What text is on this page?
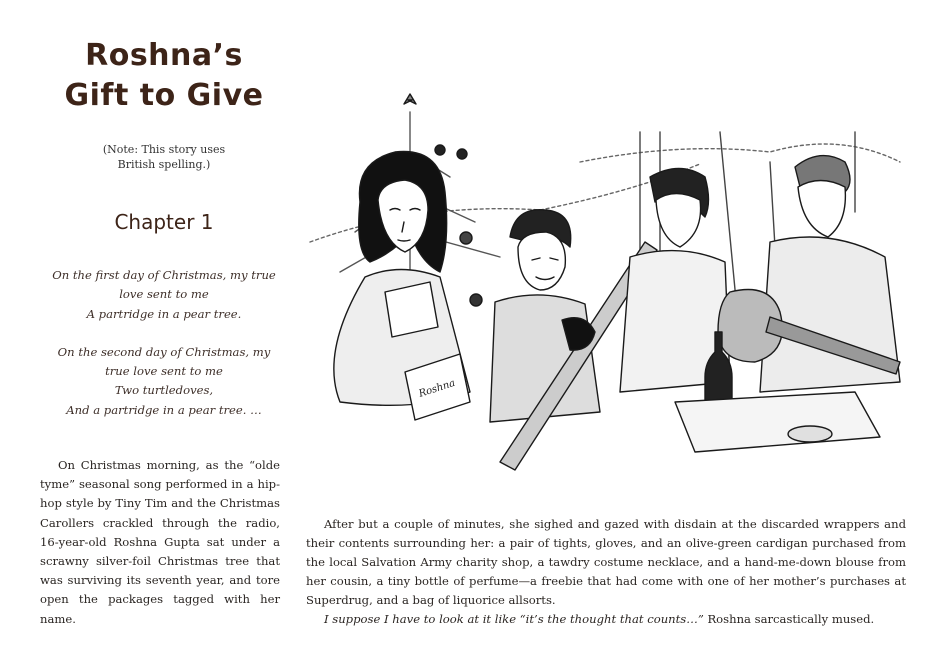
Roshna’s
Gift to Give
(Note: This story uses
British spelling.)
Chapter 1

On the first day of Christmas, my true

love sent to me

A partridge in a pear tree.

On the second day of Christmas, my

true love sent to me

Two turtledoves,

And a partridge in a pear tree. …

On Christmas morning, as the “olde tyme” seasonal song performed in a hip-hop style by Tiny Tim and the Christmas Carollers crackled through the radio, 16-year-old Roshna Gupta sat under a scrawny silver-foil Christmas tree that was surviving its seventh year, and tore open the packages tagged with her name.

After but a couple of minutes, she sighed and gazed with disdain at the discarded wrappers and their contents surrounding her: a pair of tights, gloves, and an olive-green cardigan purchased from the local Salvation Army charity shop, a tawdry costume necklace, and a hand-me-down blouse from her cousin, a tiny bottle of perfume—a freebie that had come with one of her mother’s purchases at Superdrug, and a bag of liquorice allsorts.

I suppose I have to look at it like “it’s the thought that counts…” Roshna sarcastically mused.

Roshna
